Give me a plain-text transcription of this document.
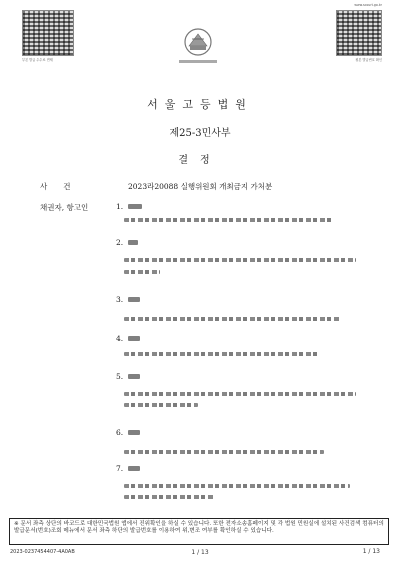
부본 발급 수수료 면제
www.scourt.go.kr
원본 발급번호 확인
서울고등법원
제25-3민사부
결정
사건	2023라20088 실행위원회 개최금지 가처분
채권자, 항고인	1.
2.
3.
4.
5.
6.
7.
※ 문서 좌측 상단의 바코드로 대한민국법원 앱에서 진위확인을 하실 수 있습니다. 또한 전자소송홈페이지 및 각 법원 민원실에 설치된 사건검색 컴퓨터의 발급문서(번호)조회 메뉴에서 문서 좌측 하단의 발급번호를 이용하여 위,변조 여부를 확인하실 수 있습니다.
2023-0237454407-4A0AB	1 / 13	1 / 13
